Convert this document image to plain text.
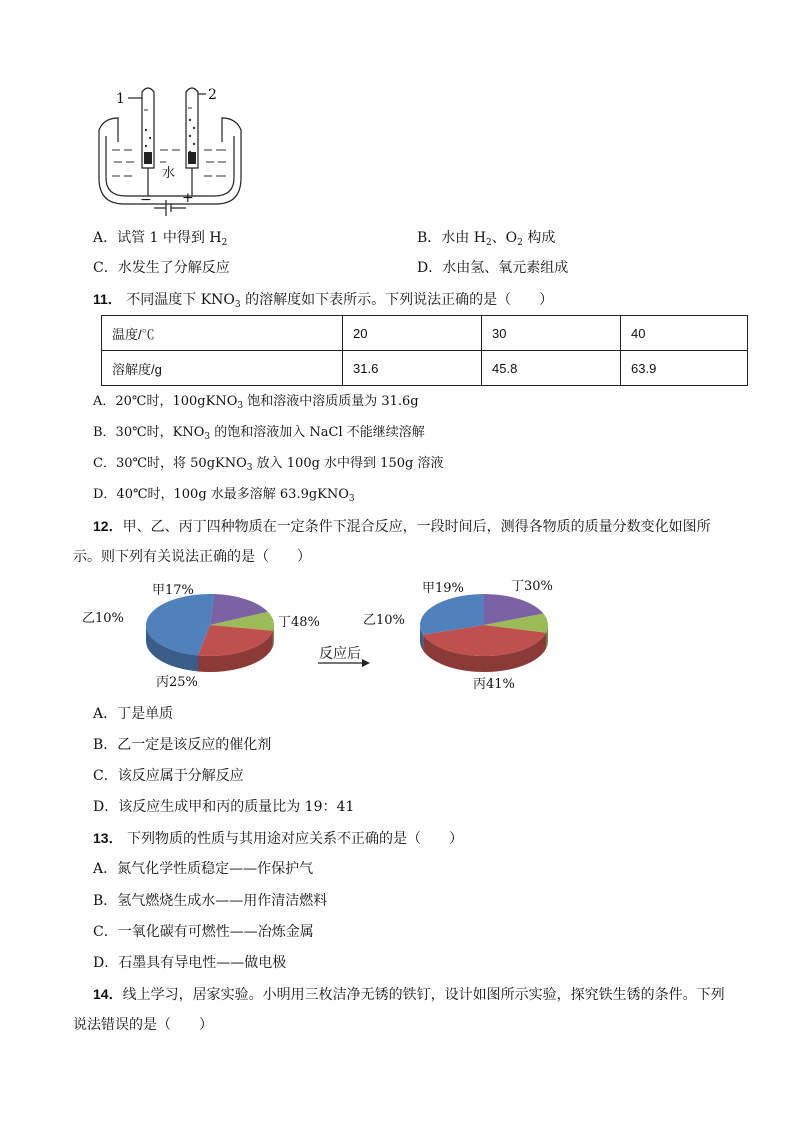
1	2
水
− +
A．试管 1 中得到 $H_2$	B．水由 $H_2$、$O_2$ 构成
C．水发生了分解反应	D．水由氢、氧元素组成
11． 不同温度下 $KNO_3$ 的溶解度如下表所示。下列说法正确的是（　　）
温度/℃	20	30	40
溶解度/g	31.6	45.8	63.9
A．20℃时，100gKNO$_3$ 饱和溶液中溶质质量为 31.6g
B．30℃时，$KNO_3$ 的饱和溶液加入 NaCl 不能继续溶解
C．30℃时，将 50gKNO$_3$ 放入 100g 水中得到 150g 溶液
D．40℃时，100g 水最多溶解 63.9gKNO$_3$
12．甲、乙、丙丁四种物质在一定条件下混合反应，一段时间后，测得各物质的质量分数变化如图所
示。则下列有关说法正确的是（　　）
反应后
甲17%
乙10%
丙25%
丁48%
甲19%
乙10%
丙41%
丁30%
A．丁是单质
B．乙一定是该反应的催化剂
C．该反应属于分解反应
D．该反应生成甲和丙的质量比为 19：41
13． 下列物质的性质与其用途对应关系不正确的是（　　）
A．氮气化学性质稳定——作保护气
B．氢气燃烧生成水——用作清洁燃料
C．一氧化碳有可燃性——冶炼金属
D．石墨具有导电性——做电极
14．线上学习，居家实验。小明用三枚洁净无锈的铁钉，设计如图所示实验，探究铁生锈的条件。下列
说法错误的是（　　）
